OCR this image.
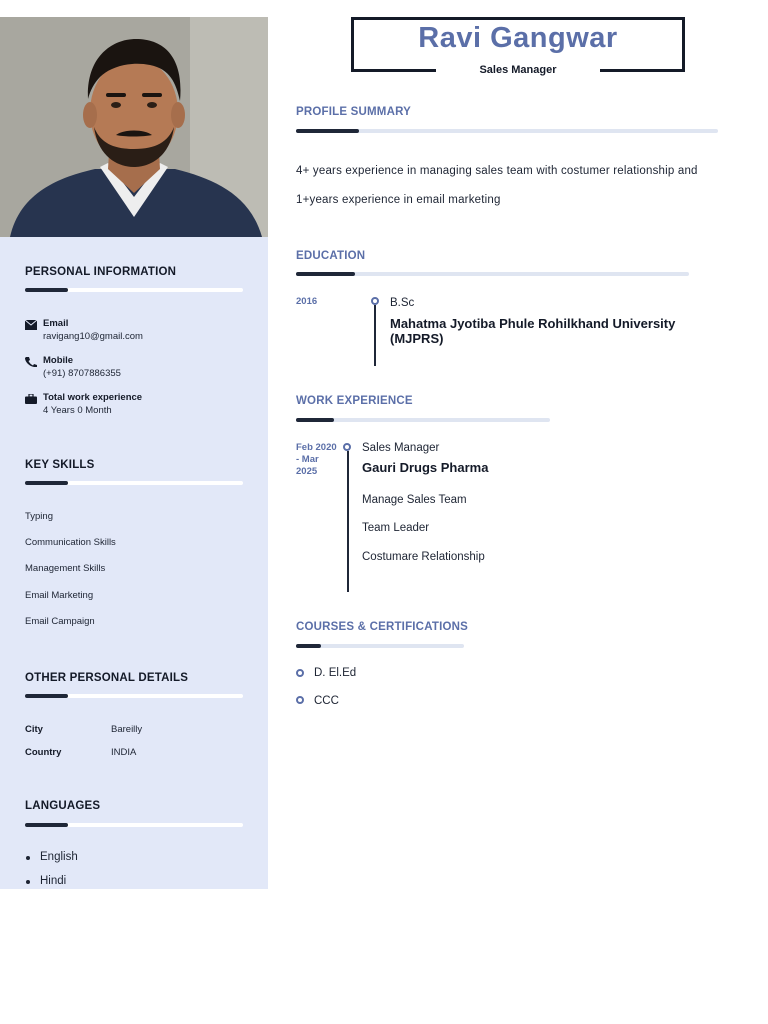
PERSONAL INFORMATION
Email
ravigang10@gmail.com
Mobile
(+91) 8707886355
Total work experience
4 Years 0 Month
KEY SKILLS
Typing
Communication Skills
Management Skills
Email Marketing
Email Campaign
OTHER PERSONAL DETAILS
City	Bareilly
Country	INDIA
LANGUAGES
English
Hindi
Ravi Gangwar
Sales Manager
PROFILE SUMMARY
4+ years experience in managing sales team with costumer relationship and
1+years experience in email marketing
EDUCATION
2016	B.Sc
Mahatma Jyotiba Phule Rohilkhand University (MJPRS)
WORK EXPERIENCE
Feb 2020
- Mar
2025
Sales Manager
Gauri Drugs Pharma
Manage Sales Team
Team Leader
Costumare Relationship
COURSES & CERTIFICATIONS
D. El.Ed
CCC
